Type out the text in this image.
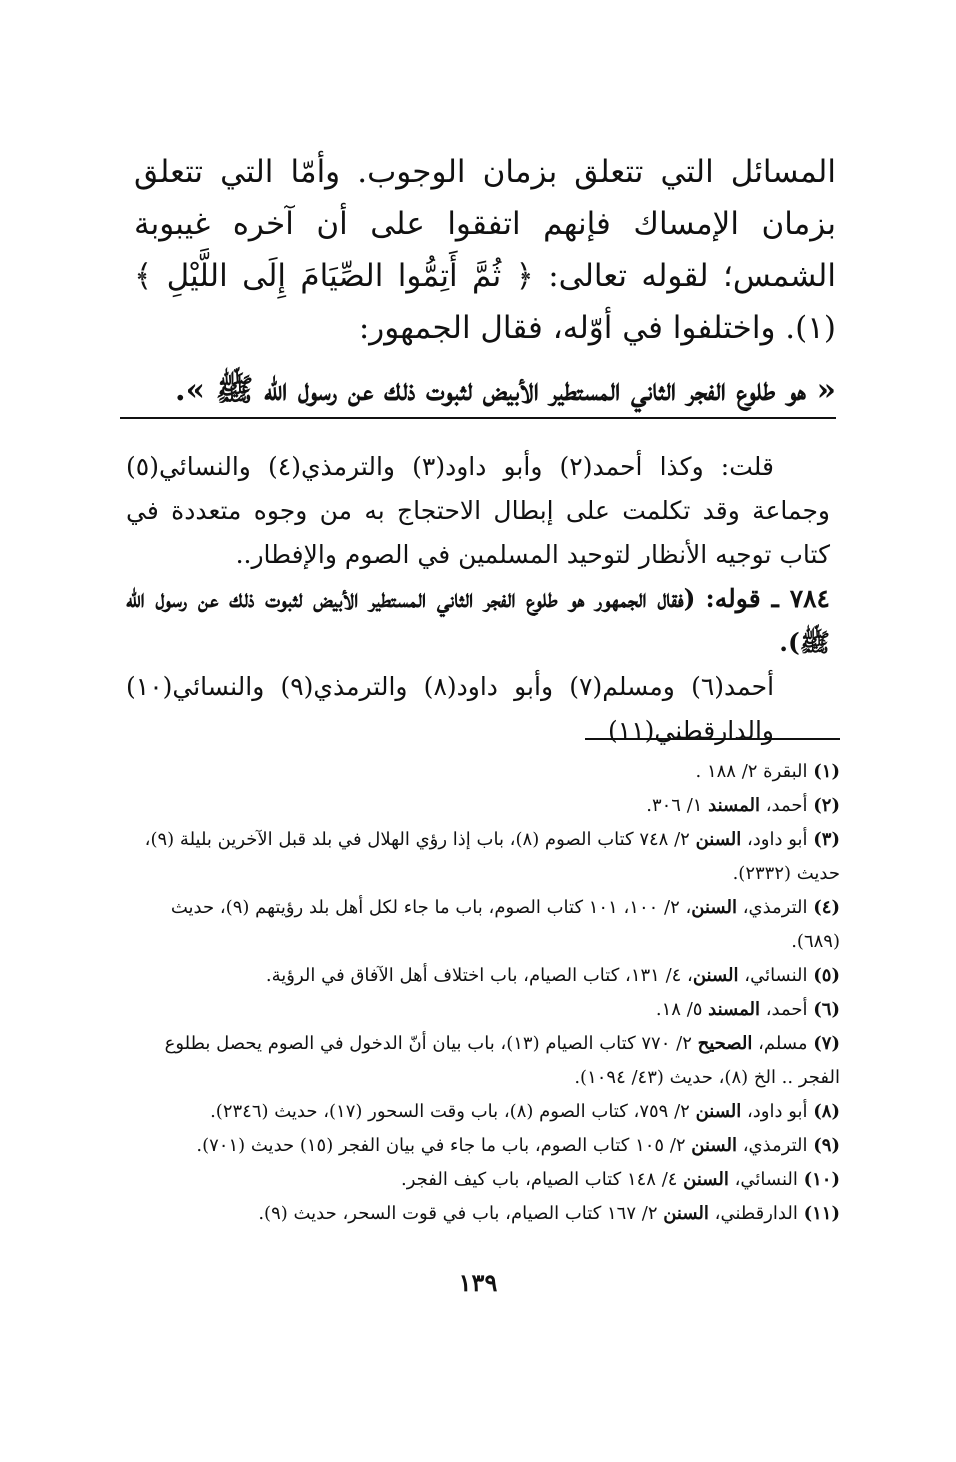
المسائل التي تتعلق بزمان الوجوب. وأمّا التي تتعلق بزمان الإمساك فإنهم اتفقوا على أن آخره غيبوبة الشمس؛ لقوله تعالى: ﴿ ثُمَّ أَتِمُّوا الصِّيَامَ إِلَى اللَّيْلِ ﴾ (١). واختلفوا في أوّله، فقال الجمهور:

« هو طلوع الفجر الثاني المستطير الأبيض لثبوت ذلك عن رسول الله ﷺ ».

قلت: وكذا أحمد(٢) وأبو داود(٣) والترمذي(٤) والنسائي(٥) وجماعة وقد تكلمت على إبطال الاحتجاج به من وجوه متعددة في كتاب توجيه الأنظار لتوحيد المسلمين في الصوم والإفطار..

٧٨٤ ـ قوله: (فقال الجمهور هو طلوع الفجر الثاني المستطير الأبيض لثبوت ذلك عن رسول الله ﷺ).

أحمد(٦) ومسلم(٧) وأبو داود(٨) والترمذي(٩) والنسائي(١٠) والدارقطني(١١)

(١) البقرة ٢/ ١٨٨ .

(٢) أحمد، المسند ١/ ٣٠٦.

(٣) أبو داود، السنن ٢/ ٧٤٨ كتاب الصوم (٨)، باب إذا رؤي الهلال في بلد قبل الآخرين بليلة (٩)، حديث (٢٣٣٢).

(٤) الترمذي، السنن، ٢/ ١٠٠، ١٠١ كتاب الصوم، باب ما جاء لكل أهل بلد رؤيتهم (٩)، حديث (٦٨٩).

(٥) النسائي، السنن، ٤/ ١٣١، كتاب الصيام، باب اختلاف أهل الآفاق في الرؤية.

(٦) أحمد، المسند ٥/ ١٨.

(٧) مسلم، الصحيح ٢/ ٧٧٠ كتاب الصيام (١٣)، باب بيان أنّ الدخول في الصوم يحصل بطلوع الفجر .. الخ (٨)، حديث (٤٣/ ١٠٩٤).

(٨) أبو داود، السنن ٢/ ٧٥٩، كتاب الصوم (٨)، باب وقت السحور (١٧)، حديث (٢٣٤٦).

(٩) الترمذي، السنن ٢/ ١٠٥ كتاب الصوم، باب ما جاء في بيان الفجر (١٥) حديث (٧٠١).

(١٠) النسائي، السنن ٤/ ١٤٨ كتاب الصيام، باب كيف الفجر.

(١١) الدارقطني، السنن ٢/ ١٦٧ كتاب الصيام، باب في قوت السحر، حديث (٩).

١٣٩
